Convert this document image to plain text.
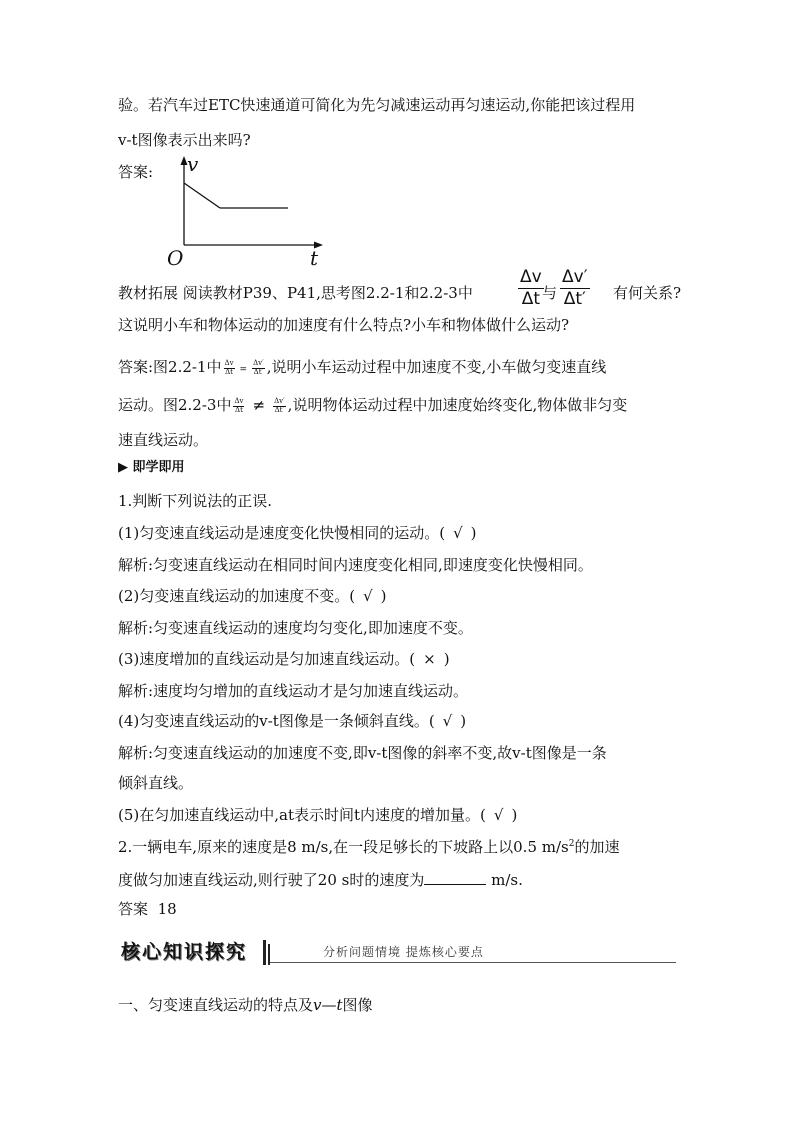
验。若汽车过ETC快速通道可简化为先匀减速运动再匀速运动,你能把该过程用
v-t图像表示出来吗?
答案: v
t
O
教材拓展 阅读教材P39、P41,思考图2.2-1和2.2-3中	$\frac{\Delta v}{\Delta t}$
与 $\frac{\Delta v'}{\Delta t'}$ 有何关系?
这说明小车和物体运动的加速度有什么特点?小车和物体做什么运动?
答案:图2.2-1中 $\frac{\Delta v}{\Delta t} = \frac{\Delta v'}{\Delta t'}$ ,说明小车运动过程中加速度不变,小车做匀变速直线
运动。图2.2-3中 $\frac{\Delta v}{\Delta t} \ne \frac{\Delta v'}{\Delta t'}$ ,说明物体运动过程中加速度始终变化,物体做非匀变
速直线运动。
▶ 即学即用
1.判断下列说法的正误.
(1)匀变速直线运动是速度变化快慢相同的运动。( √ )
解析:匀变速直线运动在相同时间内速度变化相同,即速度变化快慢相同。
(2)匀变速直线运动的加速度不变。( √ )
解析:匀变速直线运动的速度均匀变化,即加速度不变。
(3)速度增加的直线运动是匀加速直线运动。( × )
解析:速度均匀增加的直线运动才是匀加速直线运动。
(4)匀变速直线运动的v-t图像是一条倾斜直线。( √ )
解析:匀变速直线运动的加速度不变,即v-t图像的斜率不变,故v-t图像是一条
倾斜直线。
(5)在匀加速直线运动中,at表示时间t内速度的增加量。( √ )
2.一辆电车,原来的速度是8 m/s,在一段足够长的下坡路上以0.5 $m/s^2$的加速
度做匀加速直线运动,则行驶了20 s时的速度为	m/s.
答案 18
核心知识探究	分析问题情境 提炼核心要点
一、匀变速直线运动的特点及v—t图像
